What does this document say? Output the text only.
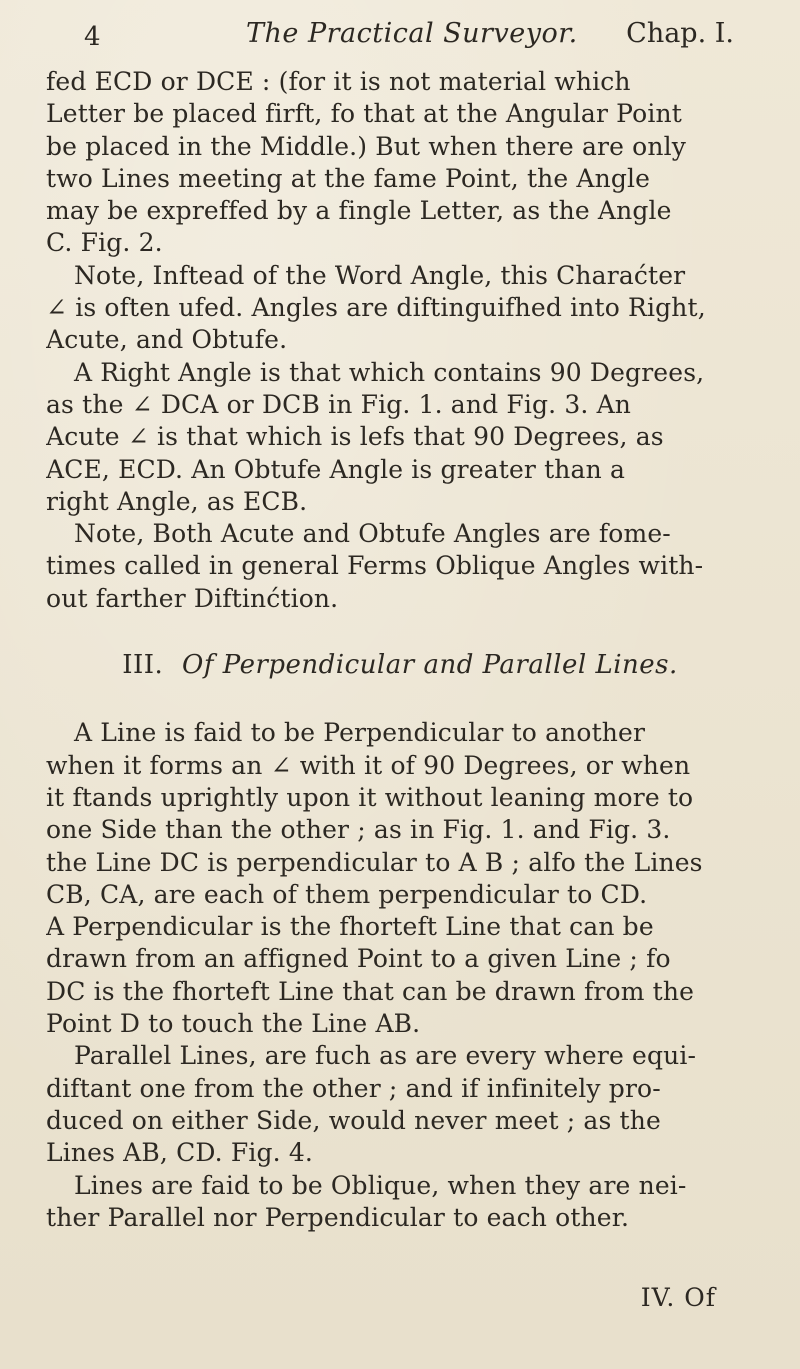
4	The Practical Surveyor. Chap. I.

fed ECD or DCE : (for it is not material which
Letter be placed firft, fo that at the Angular Point
be placed in the Middle.) But when there are only
two Lines meeting at the fame Point, the Angle
may be expreffed by a fingle Letter, as the Angle
C. Fig. 2.

Note, Inftead of the Word Angle, this Charaćter
∠ is often ufed. Angles are diftinguifhed into Right,
Acute, and Obtufe.

A Right Angle is that which contains 90 Degrees,
as the ∠ DCA or DCB in Fig. 1. and Fig. 3. An
Acute ∠ is that which is lefs that 90 Degrees, as
ACE, ECD. An Obtufe Angle is greater than a
right Angle, as ECB.

Note, Both Acute and Obtufe Angles are fome-
times called in general Ferms Oblique Angles with-
out farther Diftinćtion.

III. Of Perpendicular and Parallel Lines.

A Line is faid to be Perpendicular to another
when it forms an ∠ with it of 90 Degrees, or when
it ftands uprightly upon it without leaning more to
one Side than the other ; as in Fig. 1. and Fig. 3.
the Line DC is perpendicular to A B ; alfo the Lines
CB, CA, are each of them perpendicular to CD.
A Perpendicular is the fhorteft Line that can be
drawn from an affigned Point to a given Line ; fo
DC is the fhorteft Line that can be drawn from the
Point D to touch the Line AB.

Parallel Lines, are fuch as are every where equi-
diftant one from the other ; and if infinitely pro-
duced on either Side, would never meet ; as the
Lines AB, CD. Fig. 4.

Lines are faid to be Oblique, when they are nei-
ther Parallel nor Perpendicular to each other.

IV. Of
